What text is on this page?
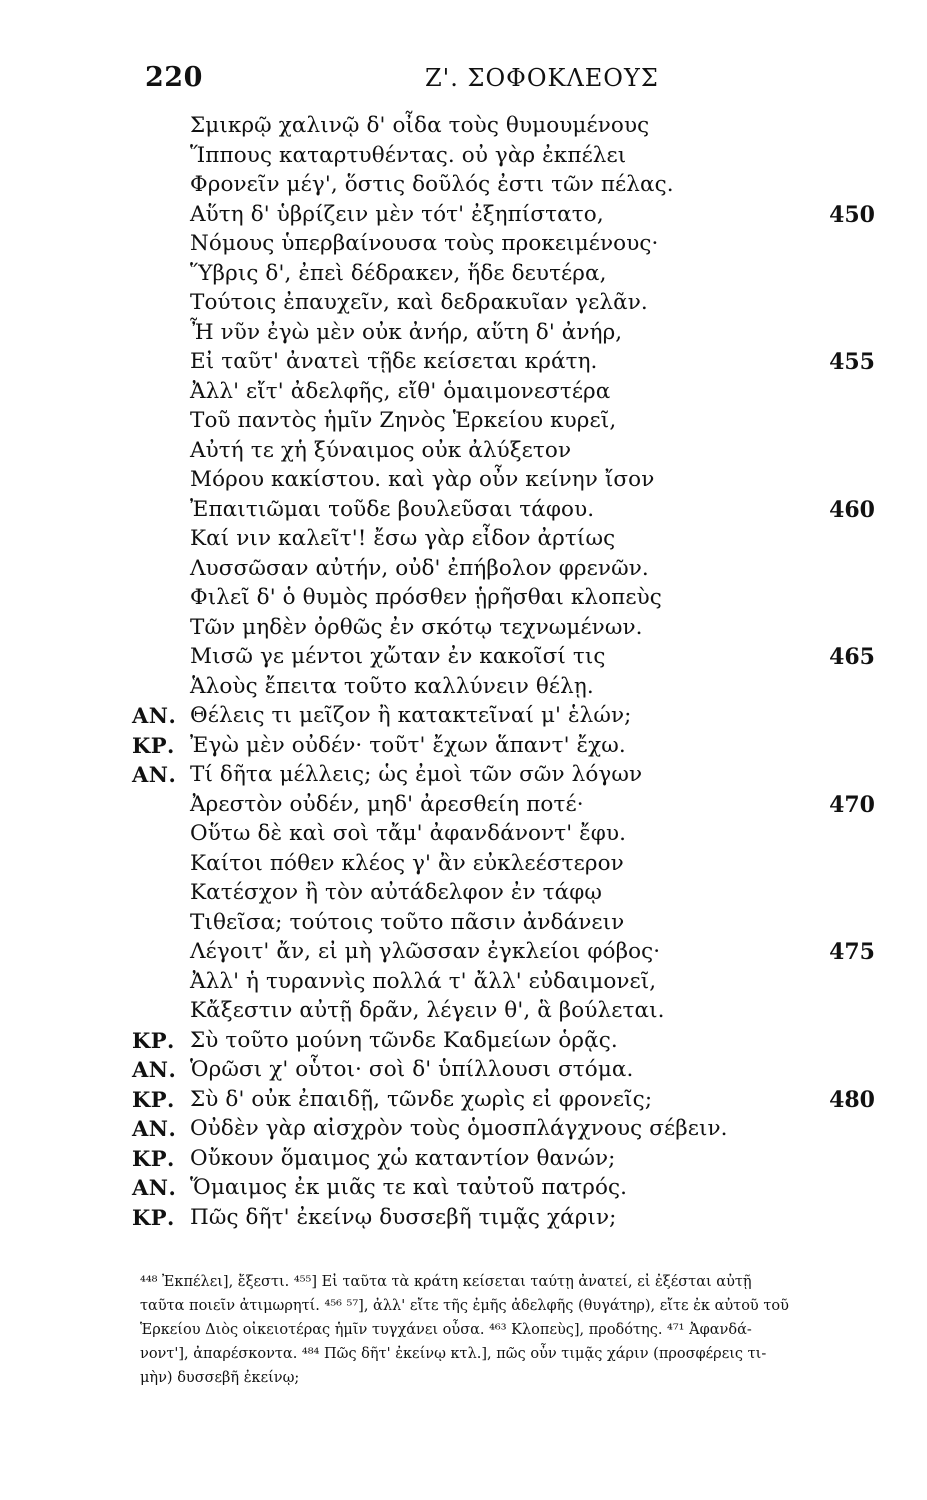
220	Ζ'. ΣΟΦΟΚΛΕΟΥΣ
Σμικρῷ χαλινῷ δ' οἶδα τοὺς θυμουμένους
Ἵππους καταρτυθέντας. οὐ γὰρ ἐκπέλει
Φρονεῖν μέγ', ὅστις δοῦλός ἐστι τῶν πέλας.
Αὕτη δ' ὑβρίζειν μὲν τότ' ἐξηπίστατο,	450
Νόμους ὑπερβαίνουσα τοὺς προκειμένους·
Ὕβρις δ', ἐπεὶ δέδρακεν, ἥδε δευτέρα,
Τούτοις ἐπαυχεῖν, καὶ δεδρακυῖαν γελᾶν.
Ἦ νῦν ἐγὼ μὲν οὐκ ἀνήρ, αὕτη δ' ἀνήρ,
Εἰ ταῦτ' ἀνατεὶ τῇδε κείσεται κράτη.	455
Ἀλλ' εἴτ' ἀδελφῆς, εἴθ' ὁμαιμονεστέρα
Τοῦ παντὸς ἡμῖν Ζηνὸς Ἑρκείου κυρεῖ,
Αὐτή τε χἡ ξύναιμος οὐκ ἀλύξετον
Μόρου κακίστου. καὶ γὰρ οὖν κείνην ἴσον
Ἐπαιτιῶμαι τοῦδε βουλεῦσαι τάφου.	460
Καί νιν καλεῖτ'! ἔσω γὰρ εἶδον ἀρτίως
Λυσσῶσαν αὐτήν, οὐδ' ἐπήβολον φρενῶν.
Φιλεῖ δ' ὁ θυμὸς πρόσθεν ᾑρῆσθαι κλοπεὺς
Τῶν μηδὲν ὀρθῶς ἐν σκότῳ τεχνωμένων.
Μισῶ γε μέντοι χὤταν ἐν κακοῖσί τις	465
Ἁλοὺς ἔπειτα τοῦτο καλλύνειν θέλῃ.
ΑΝ. Θέλεις τι μεῖζον ἢ κατακτεῖναί μ' ἑλών;
ΚΡ. Ἐγὼ μὲν οὐδέν· τοῦτ' ἔχων ἅπαντ' ἔχω.
ΑΝ. Τί δῆτα μέλλεις; ὡς ἐμοὶ τῶν σῶν λόγων
Ἀρεστὸν οὐδέν, μηδ' ἀρεσθείη ποτέ·	470
Οὕτω δὲ καὶ σοὶ τἄμ' ἀφανδάνοντ' ἔφυ.
Καίτοι πόθεν κλέος γ' ἂν εὐκλεέστερον
Κατέσχον ἢ τὸν αὐτάδελφον ἐν τάφῳ
Τιθεῖσα; τούτοις τοῦτο πᾶσιν ἀνδάνειν
Λέγοιτ' ἄν, εἰ μὴ γλῶσσαν ἐγκλείοι φόβος·	475
Ἀλλ' ἡ τυραννὶς πολλά τ' ἄλλ' εὐδαιμονεῖ,
Κἄξεστιν αὐτῇ δρᾶν, λέγειν θ', ἃ βούλεται.
ΚΡ. Σὺ τοῦτο μούνη τῶνδε Καδμείων ὁρᾷς.
ΑΝ. Ὁρῶσι χ' οὗτοι· σοὶ δ' ὑπίλλουσι στόμα.
ΚΡ. Σὺ δ' οὐκ ἐπαιδῇ, τῶνδε χωρὶς εἰ φρονεῖς;	480
ΑΝ. Οὐδὲν γὰρ αἰσχρὸν τοὺς ὁμοσπλάγχνους σέβειν.
ΚΡ. Οὔκουν ὅμαιμος χὡ καταντίον θανών;
ΑΝ. Ὅμαιμος ἐκ μιᾶς τε καὶ ταὐτοῦ πατρός.
ΚΡ. Πῶς δῆτ' ἐκείνῳ δυσσεβῆ τιμᾷς χάριν;
⁴⁴⁸ Ἐκπέλει], ἔξεστι. ⁴⁵⁵] Εἰ ταῦτα τὰ κράτη κείσεται ταύτῃ ἀνατεί, εἰ ἐξέσται αὐτῇ
ταῦτα ποιεῖν ἀτιμωρητί. ⁴⁵⁶ ⁵⁷], ἀλλ' εἴτε τῆς ἐμῆς ἀδελφῆς (θυγάτηρ), εἴτε ἐκ αὐτοῦ τοῦ
Ἑρκείου Διὸς οἰκειοτέρας ἡμῖν τυγχάνει οὖσα. ⁴⁶³ Κλοπεὺς], προδότης. ⁴⁷¹ Ἀφανδά-
νοντ'], ἀπαρέσκοντα. ⁴⁸⁴ Πῶς δῆτ' ἐκείνῳ κτλ.], πῶς οὖν τιμᾷς χάριν (προσφέρεις τι-
μὴν) δυσσεβῆ ἐκείνῳ;
